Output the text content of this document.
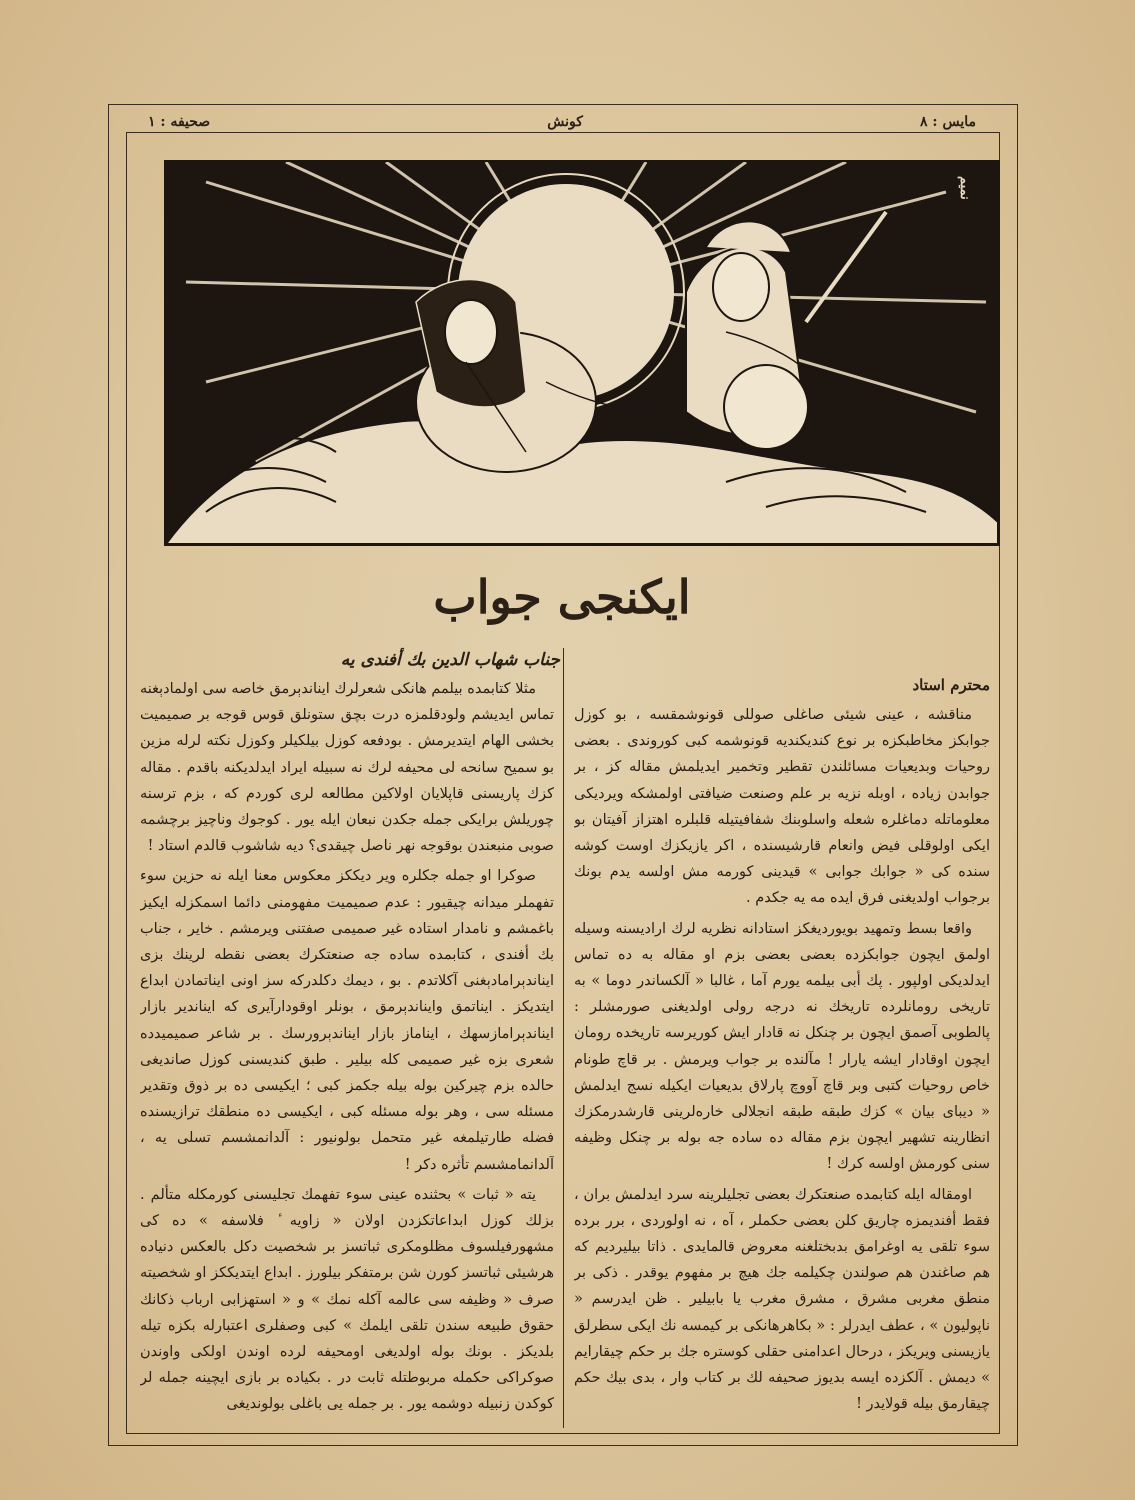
مايس : ٨
كونش
صحيفه : ١
نميم
ايكنجى جواب
جناب شهاب الدين بك أفندى يه

مثلا كتابمده بيلمم هانكى شعرلرك ايناندېرمق خاصه سى اولمادېغنه تماس ايديشم ولودقلمزه درت بچق ستونلق قوس قوجه بر صميميت بخشى الهام ايتديرمش . بودفعه كوزل بيلكيلر وكوزل نكته لرله مزين بو سميح سانحه لى محيفه لرك نه سبيله ايراد ايدلديكنه باقدم . مقاله كزك پاريسنى قاپلايان اولاكين مطالعه لرى كوردم كه ، بزم ترسنه چوريلش برايكى جمله جكدن نبعان ايله يور . كوجوك وناچيز برچشمه صوبى منبعندن بوقوجه نهر ناصل چيقدى؟ ديه شاشوب قالدم استاد !

صوكرا او جمله جكلره وير ديككز معكوس معنا ايله نه حزين سوء تفهملر ميدانه چيقيور : عدم صميميت مفهومنى دائما اسمكزله ايكيز باغمشم و نامدار استاده غير صميمى صفتنى ويرمشم . خاير ، جناب بك أفندى ، كتابمده ساده جه صنعتكرك بعضى نقطه لرينك بزى ايناندېرامادېغنى آكلاتدم . بو ، ديمك دكلدركه سز اونى ايناتمادن ابداع ايتديكز . ايناتمق وايناندېرمق ، بونلر اوقودارآيرى كه ايناندير بازار ايناندېرامازسهك ، ايناماز بازار ايناندېرورسك . بر شاعر صميميدده شعرى بزه غير صميمى كله بيلير . طبق كنديسنى كوزل صانديغى حالده بزم چيركين بوله بيله جكمز كبى ؛ ايكيسى ده بر ذوق وتقدير مسئله سى ، وهر بوله مسئله كبى ، ايكيسى ده منطقك ترازيسنده فضله طارتيلمغه غير متحمل بولونيور : آلدانمشسم تسلى يه ، آلدانمامشسم تأثره دكر !

يته « ثبات » بحثنده عينى سوء تفهمك تجليسنى كورمكله متألم . بزلك كوزل ابداعاتكزدن اولان « زاويه ٔ فلاسفه » ده كى مشهورفيلسوف مظلومكرى ثباتسز بر شخصيت دكل بالعكس دنياده هرشيئى ثباتسز كورن شن برمتفكر بيلورز . ابداع ايتديككز او شخصيته صرف « وظيفه سى عالمه آكله نمك » و « استهزابى ارباب ذكانك حقوق طبيعه سندن تلقى ايلمك » كبى وصفلرى اعتبارله بكزه تيله بلديكز . بونك بوله اولديغى اومحيفه لرده اوندن اولكى واوندن صوكراكى حكمله مربوطتله ثابت در . بكياده بر بازى ايچينه جمله لر كوكدن زنبيله دوشمه يور . بر جمله يى باغلى بولونديغى

محترم استاد

مناقشه ، عينى شيئى صاغلى صوللى قونوشمقسه ، بو كوزل جوابكز مخاطبكزه بر نوع كنديكنديه قونوشمه كبى كوروندى . بعضى روحيات وبديعيات مسائلندن تقطير وتخمير ايديلمش مقاله كز ، بر جوابدن زياده ، اوبله نزيه بر علم وصنعت ضيافتى اولمشكه ويرديكى معلوماتله دماغلره شعله واسلوبنك شفافيتيله قلبلره اهتزاز آفيتان بو ايكى اولوقلى فيض وانعام قارشيسنده ، اكر يازيكزك اوست كوشه سنده كى « جوابك جوابى » قيدينى كورمه مش اولسه يدم بونك برجواب اولديغنى فرق ايده مه يه جكدم .

واقعا بسط وتمهيد بويورديغكز استادانه نظريه لرك اراديسنه وسيله اولمق ايچون جوابكزده بعضى بعضى بزم او مقاله به ده تماس ايدلديكى اولپور . پك أبى بيلمه يورم آما ، غالبا « آلكساندر دوما » به تاريخى رومانلرده تاريخك نه درجه رولى اولديغنى صورمشلر : پالطوبى آصمق ايچون بر چنكل نه قادار ايش كوريرسه تاريخده رومان ايچون اوقادار ايشه يارار ! مآلنده بر جواب ويرمش . بر قاچ طونام خاص روحيات كتبى وبر قاچ آووچ پارلاق بديعيات ايكيله نسج ايدلمش « ديباى بيان » كزك طبقه طبقه انجلالى خارەلرينى قارشدرمكزك انظارينه تشهير ايچون بزم مقاله ده ساده جه بوله بر چنكل وظيفه سنى كورمش اولسه كرك !

اومقاله ايله كتابمده صنعتكرك بعضى تجليلرينه سرد ايدلمش بران ، فقط أفنديمزه چاريق كلن بعضى حكملر ، آه ، نه اولوردى ، برر برده سوء تلقى يه اوغرامق بدبختلغنه معروض قالمايدى . ذاتا بيليرديم كه هم صاغندن هم صولندن چكيلمه جك هيچ بر مفهوم يوقدر . ذكى بر منطق مغربى مشرق ، مشرق مغرب يا بابيلير . ظن ايدرسم « ناپوليون » ، عطف ايدرلر : « بكاهرهانكى بر كيمسه نك ايكى سطرلق يازيسنى ويريكز ، درحال اعدامنى حقلى كوستره جك بر حكم چيقارايم » ديمش . آلكزده ايسه بديوز صحيفه لك بر كتاب وار ، بدى بيك حكم چيقارمق بيله قولايدر !
